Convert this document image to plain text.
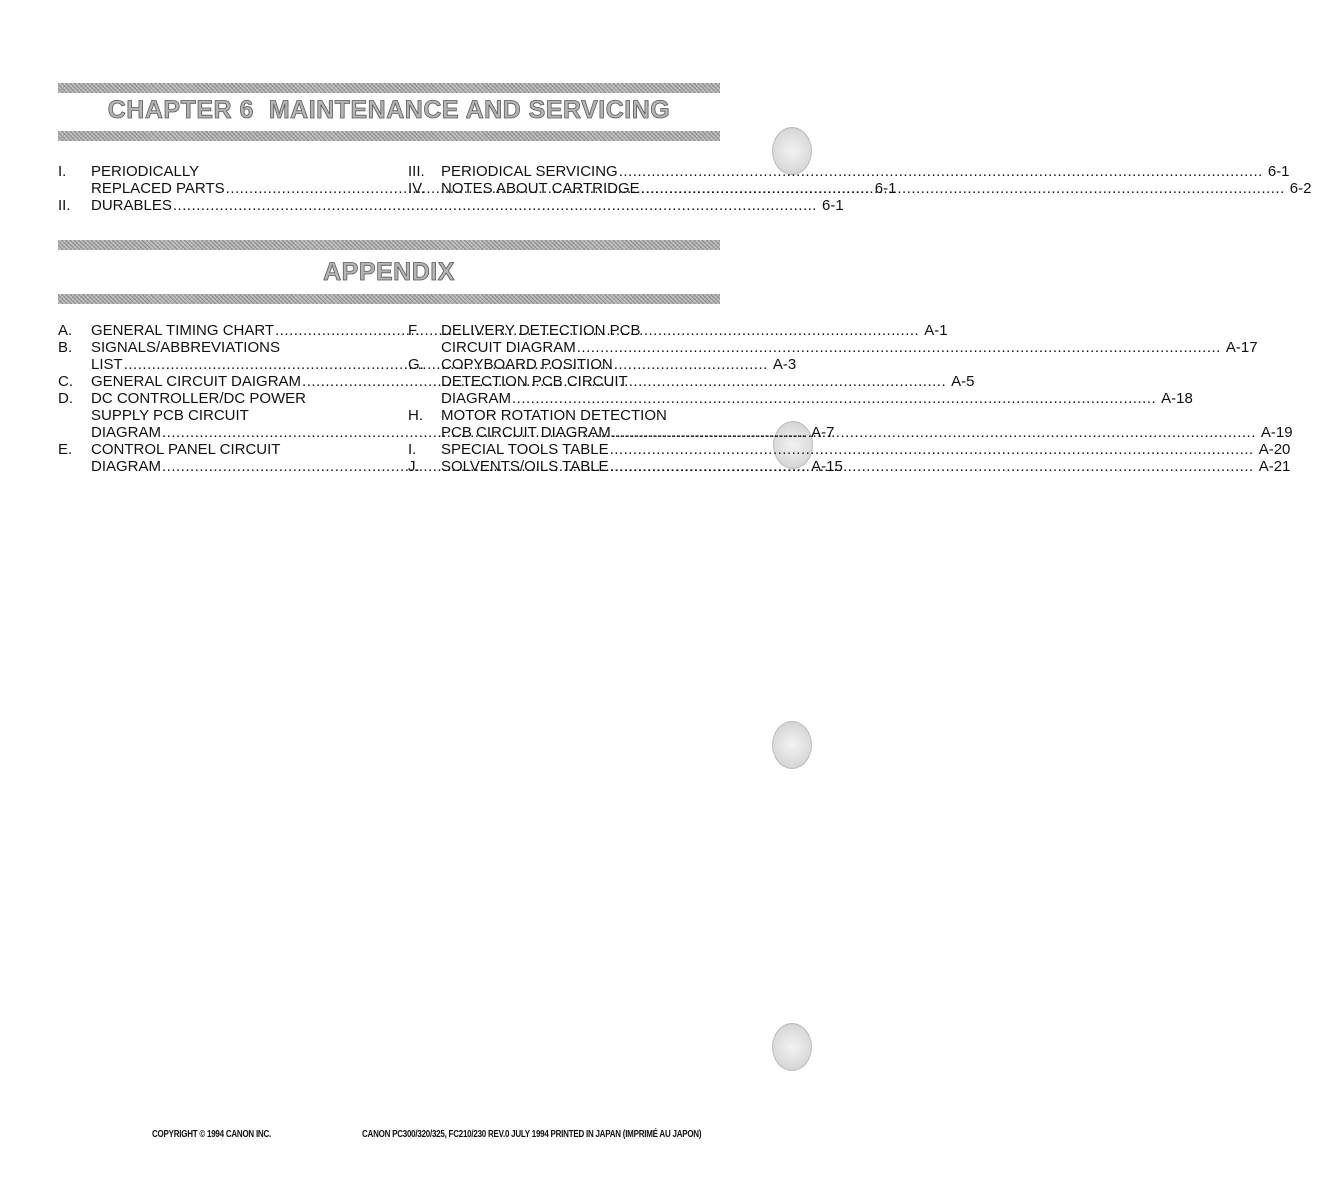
CHAPTER 6  MAINTENANCE AND SERVICING
I.	PERIODICALLY
REPLACED PARTS .....	6-1
II.	DURABLES .....	6-1
III.	PERIODICAL SERVICING .....	6-1
IV.	NOTES ABOUT CARTRIDGE .....	6-2
APPENDIX
A.	GENERAL TIMING CHART .....	A-1
B.	SIGNALS/ABBREVIATIONS
LIST .....	A-3
C.	GENERAL CIRCUIT DAIGRAM .....	A-5
D.	DC CONTROLLER/DC POWER
SUPPLY PCB CIRCUIT
DIAGRAM .....	A-7
E.	CONTROL PANEL CIRCUIT
DIAGRAM .....	A-15
F.	DELIVERY DETECTION PCB
CIRCUIT DIAGRAM .....	A-17
G.	COPYBOARD POSITION
DETECTION PCB CIRCUIT
DIAGRAM .....	A-18
H.	MOTOR ROTATION DETECTION
PCB CIRCUIT DIAGRAM .....	A-19
I.	SPECIAL TOOLS TABLE .....	A-20
J.	SOLVENTS/OILS TABLE .....	A-21
COPYRIGHT © 1994 CANON INC.	CANON PC300/320/325, FC210/230 REV.0 JULY 1994 PRINTED IN JAPAN (IMPRIMÉ AU JAPON)
